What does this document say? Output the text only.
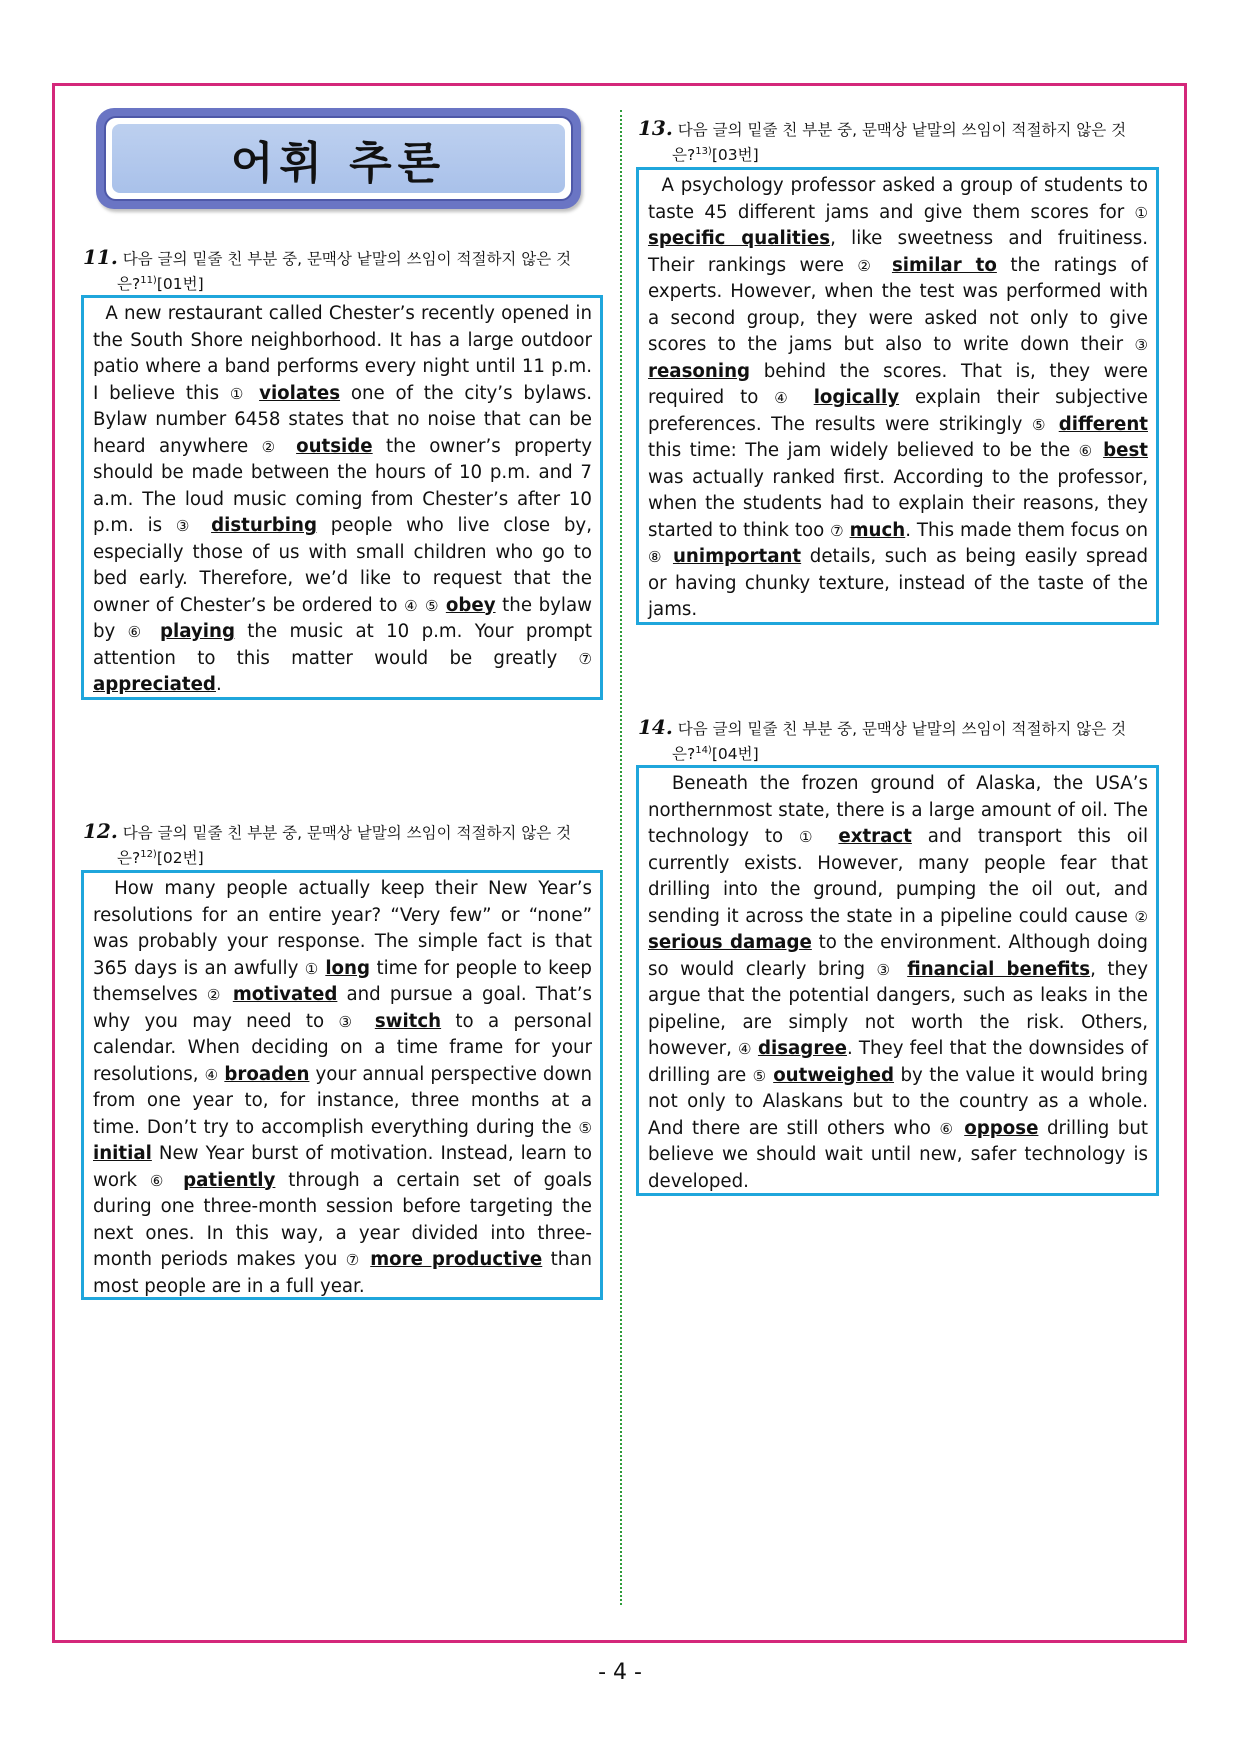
어휘 추론
11. 다음 글의 밑줄 친 부분 중, 문맥상 낱말의 쓰임이 적절하지 않은 것
은?$^{11)}$[01번]
A new restaurant called Chester’s recently opened in the South Shore neighborhood. It has a large outdoor patio where a band performs every night until 11 p.m. I believe this ① violates one of the city’s bylaws. Bylaw number 6458 states that no noise that can be heard anywhere ② outside the owner’s property should be made between the hours of 10 p.m. and 7 a.m. The loud music coming from Chester’s after 10 p.m. is ③ disturbing people who live close by, especially those of us with small children who go to bed early. Therefore, we’d like to request that the owner of Chester’s be ordered to ④ ⑤ obey the bylaw by ⑥ playing the music at 10 p.m. Your prompt attention to this matter would be greatly ⑦ appreciated.
12. 다음 글의 밑줄 친 부분 중, 문맥상 낱말의 쓰임이 적절하지 않은 것
은?$^{12)}$[02번]
How many people actually keep their New Year’s resolutions for an entire year? “Very few” or “none” was probably your response. The simple fact is that 365 days is an awfully ① long time for people to keep themselves ② motivated and pursue a goal. That’s why you may need to ③ switch to a personal calendar. When deciding on a time frame for your resolutions, ④ broaden your annual perspective down from one year to, for instance, three months at a time. Don’t try to accomplish everything during the ⑤ initial New Year burst of motivation. Instead, learn to work ⑥ patiently through a certain set of goals during one three-month session before targeting the next ones. In this way, a year divided into three-month periods makes you ⑦ more productive than most people are in a full year.
13. 다음 글의 밑줄 친 부분 중, 문맥상 낱말의 쓰임이 적절하지 않은 것
은?$^{13)}$[03번]
A psychology professor asked a group of students to taste 45 different jams and give them scores for ① specific qualities, like sweetness and fruitiness. Their rankings were ② similar to the ratings of experts. However, when the test was performed with a second group, they were asked not only to give scores to the jams but also to write down their ③ reasoning behind the scores. That is, they were required to ④ logically explain their subjective preferences. The results were strikingly ⑤ different this time: The jam widely believed to be the ⑥ best was actually ranked first. According to the professor, when the students had to explain their reasons, they started to think too ⑦ much. This made them focus on ⑧ unimportant details, such as being easily spread or having chunky texture, instead of the taste of the jams.
14. 다음 글의 밑줄 친 부분 중, 문맥상 낱말의 쓰임이 적절하지 않은 것
은?$^{14)}$[04번]
Beneath the frozen ground of Alaska, the USA’s northernmost state, there is a large amount of oil. The technology to ① extract and transport this oil currently exists. However, many people fear that drilling into the ground, pumping the oil out, and sending it across the state in a pipeline could cause ② serious damage to the environment. Although doing so would clearly bring ③ financial benefits, they argue that the potential dangers, such as leaks in the pipeline, are simply not worth the risk. Others, however, ④ disagree. They feel that the downsides of drilling are ⑤ outweighed by the value it would bring not only to Alaskans but to the country as a whole. And there are still others who ⑥ oppose drilling but believe we should wait until new, safer technology is developed.
- 4 -
